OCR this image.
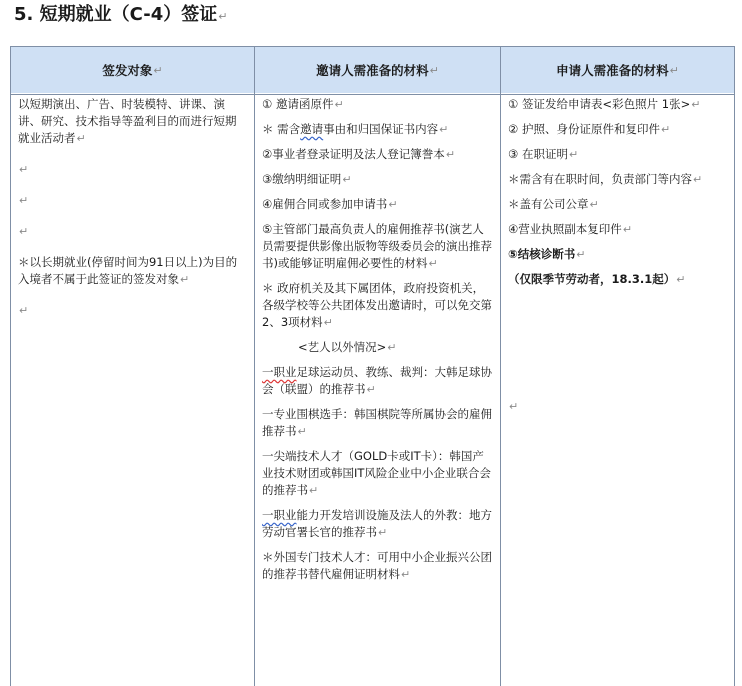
5. 短期就业（C-4）签证↵
签发对象 ↵	邀请人需准备的材料 ↵	申请人需准备的材料 ↵
以短期演出、广告、时装模特、讲课、演讲、研究、技术指导等盈利目的而进行短期就业活动者↵
↵
↵
↵
＊以长期就业(停留时间为91日以上)为目的入境者不属于此签证的签发对象↵
↵
① 邀请函原件↵
＊ 需含邀请事由和归国保证书内容↵
②事业者登录证明及法人登记簿誊本↵
③缴纳明细证明↵
④雇佣合同或参加申请书↵
⑤主管部门最高负责人的雇佣推荐书(演艺人员需要提供影像出版物等级委员会的演出推荐书)或能够证明雇佣必要性的材料↵
＊ 政府机关及其下属团体，政府投资机关，各级学校等公共团体发出邀请时，可以免交第2、3项材料↵
<艺人以外情况>↵
一职业足球运动员、教练、裁判：大韩足球协会（联盟）的推荐书↵
一专业围棋选手：韩国棋院等所属协会的雇佣推荐书↵
一尖端技术人才（GOLD卡或IT卡）：韩国产业技术财团或韩国IT风险企业中小企业联合会的推荐书↵
一职业能力开发培训设施及法人的外教：地方劳动官署长官的推荐书↵
＊外国专门技术人才：可用中小企业振兴公团的推荐书替代雇佣证明材料↵
① 签证发给申请表<彩色照片 1张>↵
② 护照、身份证原件和复印件↵
③ 在职证明↵
＊需含有在职时间，负责部门等内容↵
＊盖有公司公章↵
④营业执照副本复印件↵
⑤结核诊断书↵
（仅限季节劳动者，18.3.1起）↵
↵
